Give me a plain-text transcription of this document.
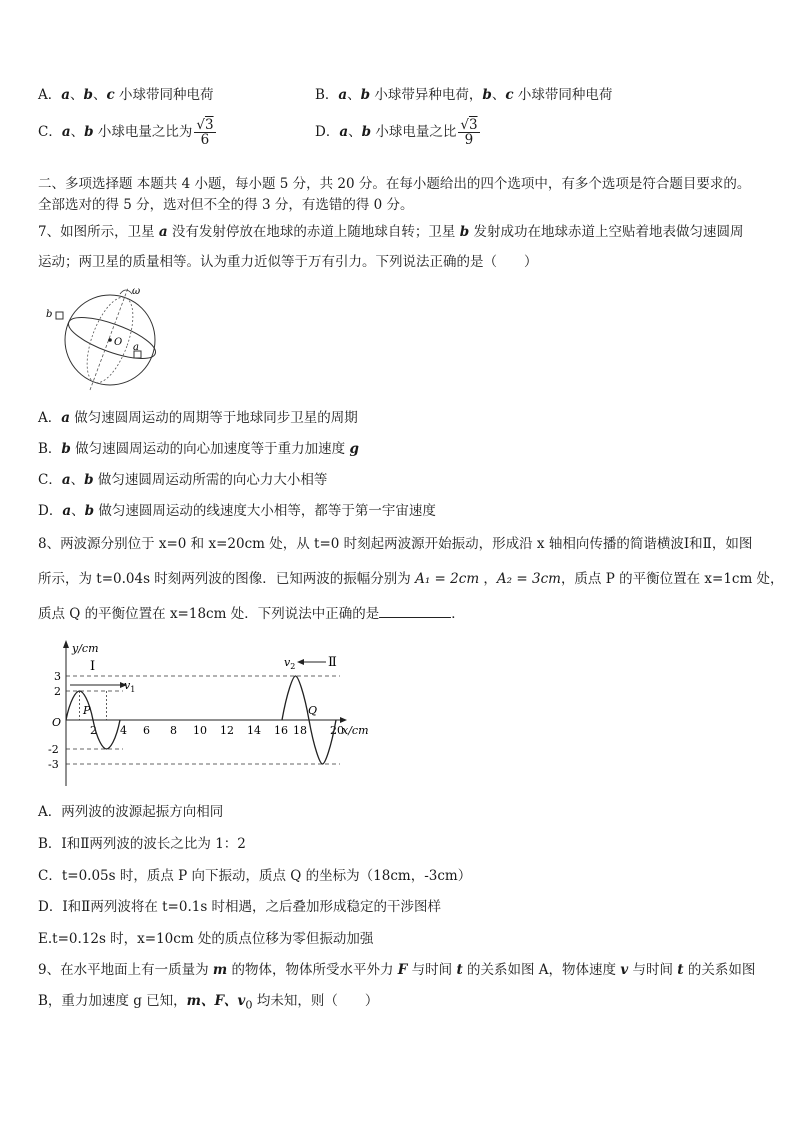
A．a、b、c 小球带同种电荷	B．a、b 小球带异种电荷，b、c 小球带同种电荷
C．a、b 小球电量之比为 $\frac{√3}{6}$	D．a、b 小球电量之比 $\frac{√3}{9}$
二、多项选择题 本题共 4 小题，每小题 5 分，共 20 分。在每小题给出的四个选项中，有多个选项是符合题目要求的。
全部选对的得 5 分，选对但不全的得 3 分，有选错的得 0 分。
7、如图所示，卫星 a 没有发射停放在地球的赤道上随地球自转；卫星 b 发射成功在地球赤道上空贴着地表做匀速圆周
运动；两卫星的质量相等。认为重力近似等于万有引力。下列说法正确的是（　　）
O
b
a
ω
A．a 做匀速圆周运动的周期等于地球同步卫星的周期
B．b 做匀速圆周运动的向心加速度等于重力加速度 g
C．a、b 做匀速圆周运动所需的向心力大小相等
D．a、b 做匀速圆周运动的线速度大小相等，都等于第一宇宙速度
8、两波源分别位于 x=0 和 x=20cm 处，从 t=0 时刻起两波源开始振动，形成沿 x 轴相向传播的简谐横波Ⅰ和Ⅱ，如图
所示，为 t=0.04s 时刻两列波的图像．已知两波的振幅分别为 A₁ = 2cm ，A₂ = 3cm，质点 P 的平衡位置在 x=1cm 处，
质点 Q 的平衡位置在 x=18cm 处．下列说法中正确的是	．
y/cm
x/cm
O
3
2
-2
-3
2 4 6 8 10 12 14 16 18 20
Ⅰ
$v_1$
P
Ⅱ
$v_2$
Q
A．两列波的波源起振方向相同
B．Ⅰ和Ⅱ两列波的波长之比为 1：2
C．t=0.05s 时，质点 P 向下振动，质点 Q 的坐标为（18cm，-3cm）
D．Ⅰ和Ⅱ两列波将在 t=0.1s 时相遇，之后叠加形成稳定的干涉图样
E.t=0.12s 时，x=10cm 处的质点位移为零但振动加强
9、在水平地面上有一质量为 m 的物体，物体所受水平外力 F 与时间 t 的关系如图 A，物体速度 v 与时间 t 的关系如图
B，重力加速度 g 已知，m、F、$v_0$ 均未知，则（　　）
